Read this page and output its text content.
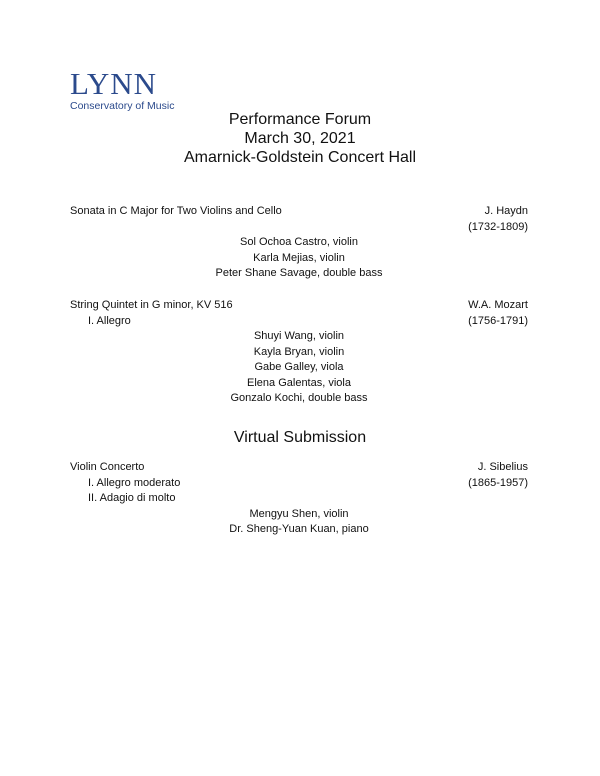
LYNN
Conservatory of Music
Performance Forum
March 30, 2021
Amarnick-Goldstein Concert Hall
Sonata in C Major for Two Violins and Cello	J. Haydn
(1732-1809)
Sol Ochoa Castro, violin
Karla Mejias, violin
Peter Shane Savage, double bass
String Quintet in G minor, KV 516	W.A. Mozart
I. Allegro	(1756-1791)
Shuyi Wang, violin
Kayla Bryan, violin
Gabe Galley, viola
Elena Galentas, viola
Gonzalo Kochi, double bass
Virtual Submission
Violin Concerto	J. Sibelius
I. Allegro moderato	(1865-1957)
II. Adagio di molto
Mengyu Shen, violin
Dr. Sheng-Yuan Kuan, piano
